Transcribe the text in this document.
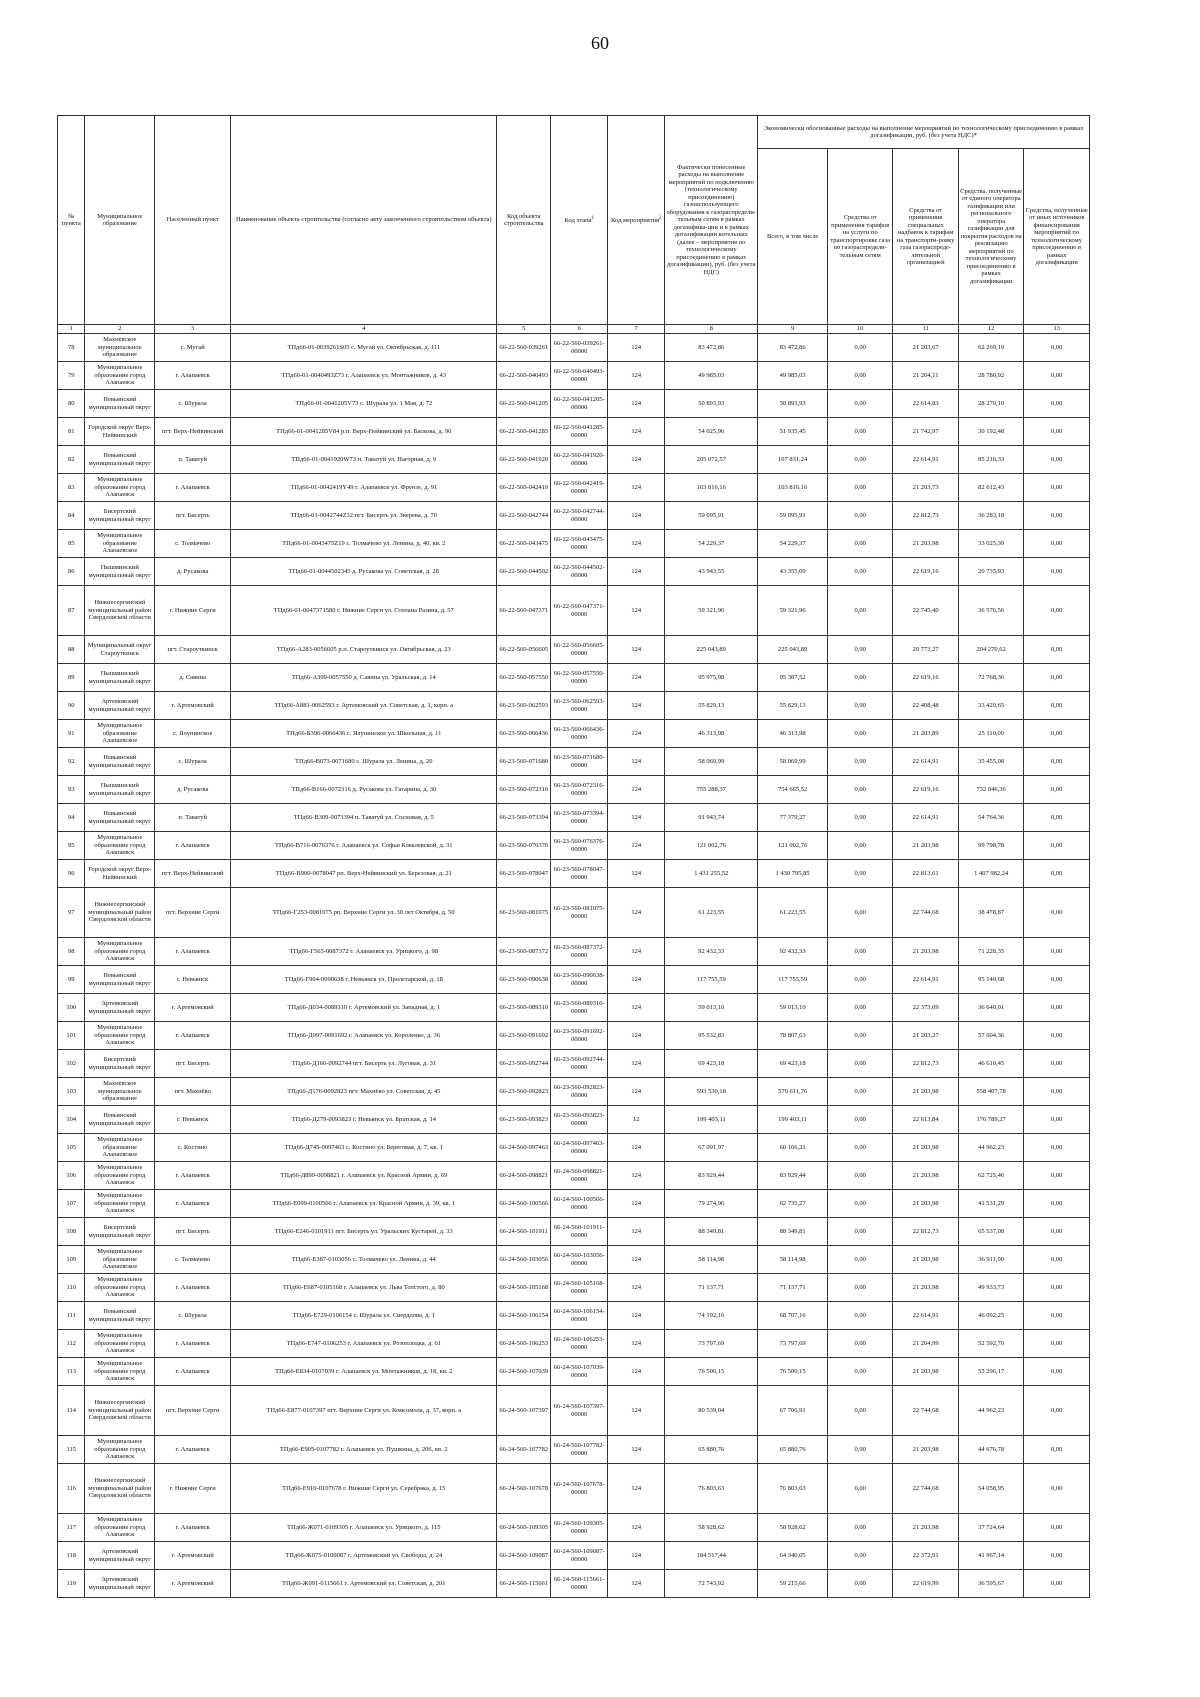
60
№ пункта	Муниципальное образование	Населенный пункт	Наименование объекта строительства (согласно акту законченного строительством объекта)	Код объекта строительства	Код этапа$^1$	Код мероприятия$^2$	Фактически понесенные расходы на выполнение мероприятий по подключению (технологическому присоединению) газоиспользующего оборудования к газораспредели-тельным сетям в рамках догазифика-ции и в рамках догазификации котельных (далее – мероприятия по технологическому присоединению в рамках догазификации), руб. (без учета НДС)	Экономически обоснованные расходы на выполнение мероприятий по технологическому присоединению в рамках догазификации, руб. (без учета НДС)*				
								Всего, в том числе	Средства от применения тарифов на услуги по транспортировке газа по газораспредели-тельным сетям	Средства от применения специальных надбавок к тарифам на транспорти-ровку газа газораспреде-лительной организацией	Средства, полученные от единого оператора газификации или регионального оператора газификации для покрытия расходов на реализацию мероприятий по технологическому присоединению в рамках догазификации	Средства, полученные от иных источников финансирования мероприятий по технологическому присоединению в рамках догазификации
1	2	3	4	5	6	7	8	9	10	11	12	13
78	Махнёвское муниципальное образование	с. Мугай	ТПд66-01-0039261S05 с. Мугай ул. Октябрьская, д. 111	66-22-560-039261	66-22-560-039261-00000	124	83 472,86	83 472,86	0,00	21 203,67	62 269,19	0,00
79	Муниципальное образование город Алапаевск	г. Алапаевск	ТПд66-01-0040493Z73 г. Алапаевск ул. Монтажников, д. 43	66-22-560-040493	66-22-560-040493-00000	124	49 985,03	49 985,03	0,00	21 204,11	28 780,92	0,00
80	Невьянский муниципальный округ	с. Шурала	ТПд66-01-0041205V73 с. Шурала ул. 1 Мая, д. 72	66-22-560-041205	66-22-560-041205-00000	124	50 893,93	50 893,93	0,00	22 614,83	28 279,10	0,00
81	Городской округ Верх-Нейвинский	пгт. Верх-Нейвинский	ТПд66-01-0041285V84 р.п. Верх-Нейвинский ул. Баскова, д. 90	66-22-560-041285	66-22-560-041285-00000	124	54 025,96	51 935,45	0,00	21 742,97	30 192,48	0,00
82	Невьянский муниципальный округ	п. Таватуй	ТПд66-01-0041920W73 п. Таватуй ул. Нагорная, д. 9	66-22-560-041920	66-22-560-041920-00000	124	205 072,57	107 831,24	0,00	22 614,91	85 216,33	0,00
83	Муниципальное образование город Алапаевск	г. Алапаевск	ТПд66-01-0042419Y49 г. Алапаевск ул. Фрунзе, д. 91	66-22-560-042419	66-22-560-042419-00000	124	103 816,16	103 816,16	0,00	21 203,73	82 612,43	0,00
84	Бисертский муниципальный округ	пгт. Бисерть	ТПд66-01-0042744Z32 пгт. Бисерть ул. Зверева, д. 70	66-22-560-042744	66-22-560-042744-00000	124	59 095,91	59 095,91	0,00	22 812,73	36 283,18	0,00
85	Муниципальное образование Алапаевское	с. Толмачево	ТПд66-01-0043475Z19 с. Толмачево ул. Ленина, д. 40, кв. 2	66-22-560-043475	66-22-560-043475-00000	124	54 229,37	54 229,37	0,00	21 203,98	33 025,39	0,00
86	Пышминский муниципальный округ	д. Русакова	ТПд66-01-0044502345 д. Русакова ул. Советская, д. 28	66-22-560-044502	66-22-560-044502-00000	124	43 943,55	43 355,09	0,00	22 619,16	20 735,93	0,00
87	Нижнесергинский муниципальный район Свердловской области	г. Нижние Серги	ТПд66-01-0047371580 г. Нижние Серги ул. Степана Разина, д. 57	66-22-560-047371	66-22-560-047371-00000	124	59 321,96	59 321,96	0,00	22 745,40	36 576,56	0,00
88	Муниципальный округ Староуткинск	пгт. Староуткинск	ТПд66-А283-0056605 р.п. Староуткинск ул. Октябрьская, д. 23	66-22-560-056605	66-22-560-056605-00000	124	225 043,89	225 043,89	0,00	20 773,27	204 270,62	0,00
89	Пышминский муниципальный округ	д. Савина	ТПд66-А399-0057550 д. Савина ул. Уральская, д. 14	66-22-560-057550	66-22-560-057550-00000	124	95 975,98	95 387,52	0,00	22 619,16	72 768,36	0,00
90	Артемовский муниципальный округ	г. Артемовский	ТПд66-А881-0062593 г. Артемовский ул. Советская, д. 1, корп. а	66-23-560-062593	66-23-560-062593-00000	124	55 829,13	55 829,13	0,00	22 408,48	33 420,65	0,00
91	Муниципальное образование Алапаевское	с. Ялунинское	ТПд66-Б396-0066436 с. Ялунинское ул. Школьная, д. 11	66-23-560-066436	66-23-560-066436-00000	124	46 313,98	46 313,98	0,00	21 203,89	25 110,09	0,00
92	Невьянский муниципальный округ	с. Шурала	ТПд66-В073-0071680 с. Шурала ул. Ленина, д. 20	66-23-560-071680	66-23-560-071680-00000	124	58 069,99	58 069,99	0,00	22 614,91	35 455,08	0,00
93	Пышминский муниципальный округ	д. Русакова	ТПд66-В166-0072316 д. Русакова ул. Гагарина, д. 30	66-23-560-072316	66-23-560-072316-00000	124	755 288,37	754 665,52	0,00	22 619,16	732 046,36	0,00
94	Невьянский муниципальный округ	п. Таватуй	ТПд66-В309-0073394 п. Таватуй ул. Сосновая, д. 5	66-23-560-073394	66-23-560-073394-00000	124	91 943,74	77 379,27	0,00	22 614,91	54 764,36	0,00
95	Муниципальное образование город Алапаевск	г. Алапаевск	ТПд66-В716-0076376 г. Алапаевск ул. Софьи Ковалевской, д. 31	66-23-560-076376	66-23-560-076376-00000	124	121 002,76	121 002,76	0,00	21 203,98	99 798,78	0,00
96	Городской округ Верх-Нейвинский	пгт. Верх-Нейвинский	ТПд66-В900-0078047 рп. Верх-Нейвинский ул. Березовая, д. 21	66-23-560-078047	66-23-560-078047-00000	124	1 431 255,52	1 430 795,85	0,00	22 813,61	1 407 982,24	0,00
97	Нижнесергинский муниципальный район Свердловской области	пгт. Верхние Серги	ТПд66-Г253-0081075 рп. Верхние Серги ул. 30 лет Октября, д. 50	66-23-560-081075	66-23-560-081075-00000	124	61 223,55	61 223,55	0,00	22 744,68	38 478,87	0,00
98	Муниципальное образование город Алапаевск	г. Алапаевск	ТПд66-Г565-0087372 г. Алапаевск ул. Урицкого, д. 98	66-23-560-087372	66-23-560-087372-00000	124	92 432,33	92 432,33	0,00	21 203,98	71 228,35	0,00
99	Невьянский муниципальный округ	г. Невьянск	ТПд66-Г904-0090638 г. Невьянск ул. Пролетарской, д. 18	66-23-560-090638	66-23-560-090638-00000	124	117 755,59	117 755,59	0,00	22 614,91	95 140,68	0,00
100	Артемовский муниципальный округ	г. Артемовский	ТПд66-Д034-0089310 г. Артемовский ул. Западная, д. 1	66-23-560-089310	66-23-560-089310-00000	124	59 013,10	59 013,10	0,00	22 373,09	36 640,01	0,00
101	Муниципальное образование город Алапаевск	г. Алапаевск	ТПд66-Д097-0091692 г. Алапаевск ул. Короленко, д. 36	66-23-560-091692	66-23-560-091692-00000	124	95 532,83	78 807,63	0,00	21 203,27	57 604,36	0,00
102	Бисертский муниципальный округ	пгт. Бисерть	ТПд66-Д166-0092744 пгт. Бисерть ул. Луговая, д. 31	66-23-560-092744	66-23-560-092744-00000	124	69 423,18	69 423,18	0,00	22 812,73	46 610,45	0,00
103	Махнёвское муниципальное образование	пгт. Махнёво	ТПд66-Д176-0092823 пгт. Махнёво ул. Советская, д. 45	66-23-560-092823	66-23-560-092823-00000	124	593 530,18	579 611,76	0,00	21 203,98	558 407,78	0,00
104	Невьянский муниципальный округ	г. Невьянск	ТПд66-Д279-0093823 г. Невьянск ул. Братская, д. 14	66-23-560-093823	66-23-560-093823-00000	12	199 403,11	199 403,11	0,00	22 613,84	176 789,27	0,00
105	Муниципальное образование Алапаевское	с. Костино	ТПд66-Д745-0097463 с. Костино ул. Береговая, д. 7, кв. 1	66-24-560-097463	66-24-560-097463-00000	124	67 091,97	66 166,21	0,00	21 203,98	44 962,23	0,00
106	Муниципальное образование город Алапаевск	г. Алапаевск	ТПд66-Д899-0098821 г. Алапаевск ул. Красной Армии, д. 69	66-24-560-098821	66-24-560-098821-00000	124	83 929,44	83 929,44	0,00	21 203,98	62 725,46	0,00
107	Муниципальное образование город Алапаевск	г. Алапаевск	ТПд66-Е099-0100566 г. Алапаевск ул. Красной Армии, д. 39, кв. 1	66-24-560-100566	66-24-560-100566-00000	124	79 274,96	62 735,27	0,00	21 203,98	41 531,29	0,00
108	Бисертский муниципальный округ	пгт. Бисерть	ТПд66-Е246-0101911 пгт. Бисерть ул. Уральских Кустарей, д. 33	66-24-560-101911	66-24-560-101911-00000	124	88 349,81	88 349,81	0,00	22 812,73	65 537,08	0,00
109	Муниципальное образование Алапаевское	с. Толмачево	ТПд66-Е387-0103056 с. Толмачево ул. Ленина, д. 44	66-24-560-103056	66-24-560-103056-00000	124	58 114,98	58 114,98	0,00	21 203,98	36 911,00	0,00
110	Муниципальное образование город Алапаевск	г. Алапаевск	ТПд66-Е687-0105168 г. Алапаевск ул. Льва Толстого, д. 80	66-24-560-105168	66-24-560-105168-00000	124	71 137,71	71 137,71	0,00	21 203,98	49 933,73	0,00
111	Невьянский муниципальный округ	с. Шурала	ТПд66-Е729-0106154 с. Шурала ул. Свердлова, д. 1	66-24-560-106154	66-24-560-106154-00000	124	74 192,16	68 707,16	0,00	22 614,91	46 092,25	0,00
112	Муниципальное образование город Алапаевск	г. Алапаевск	ТПд66-Е747-0106253 г. Алапаевск ул. Розоплоцка, д. 61	66-24-560-106253	66-24-560-106253-00000	124	73 797,69	73 797,69	0,00	21 204,99	52 592,70	0,00
113	Муниципальное образование город Алапаевск	г. Алапаевск	ТПд66-Е834-0107039 г. Алапаевск ул. Монтажников, д. 18, кв. 2	66-24-560-107039	66-24-560-107039-00000	124	76 500,15	76 500,15	0,00	21 203,98	55 296,17	0,00
114	Нижнесергинский муниципальный район Свердловской области	пгт. Верхние Серги	ТПд66-Е877-0107397 пгт. Верхние Серги ул. Комсомола, д. 37, корп. а	66-24-560-107397	66-24-560-107397-00000	124	80 539,04	67 706,91	0,00	22 744,68	44 962,23	0,00
115	Муниципальное образование город Алапаевск	г. Алапаевск	ТПд66-Е905-0107782 г. Алапаевск ул. Пушкина, д. 206, кв. 2	66-24-560-107782	66-24-560-107782-00000	124	65 880,76	65 880,76	0,00	21 203,98	44 676,78	0,00
116	Нижнесергинский муниципальный район Свердловской области	г. Нижние Серги	ТПд66-Е910-0107678 г. Нижние Серги ул. Серебряка, д. 15	66-24-560-107678	66-24-560-107678-00000	124	76 803,63	76 803,63	0,00	22 744,68	54 058,95	0,00
117	Муниципальное образование город Алапаевск	г. Алапаевск	ТПд66-Ж071-0109305 г. Алапаевск ул. Урицкого, д. 115	66-24-560-109305	66-24-560-109305-00000	124	58 928,62	58 928,62	0,00	21 203,98	37 724,64	0,00
118	Артемовский муниципальный округ	г. Артемовский	ТПд66-Ж075-0109087 г. Артемовский ул. Свободы, д. 24	66-24-560-109087	66-24-560-109087-00000	124	184 517,44	64 340,05	0,00	22 372,91	41 967,14	0,00
119	Артемовский муниципальный округ	г. Артемовский	ТПд66-Ж091-0115661 г. Артемовский ул. Советская, д. 201	66-24-560-115661	66-24-560-115661-00000	124	72 743,92	59 215,66	0,00	22 619,99	36 595,67	0,00
